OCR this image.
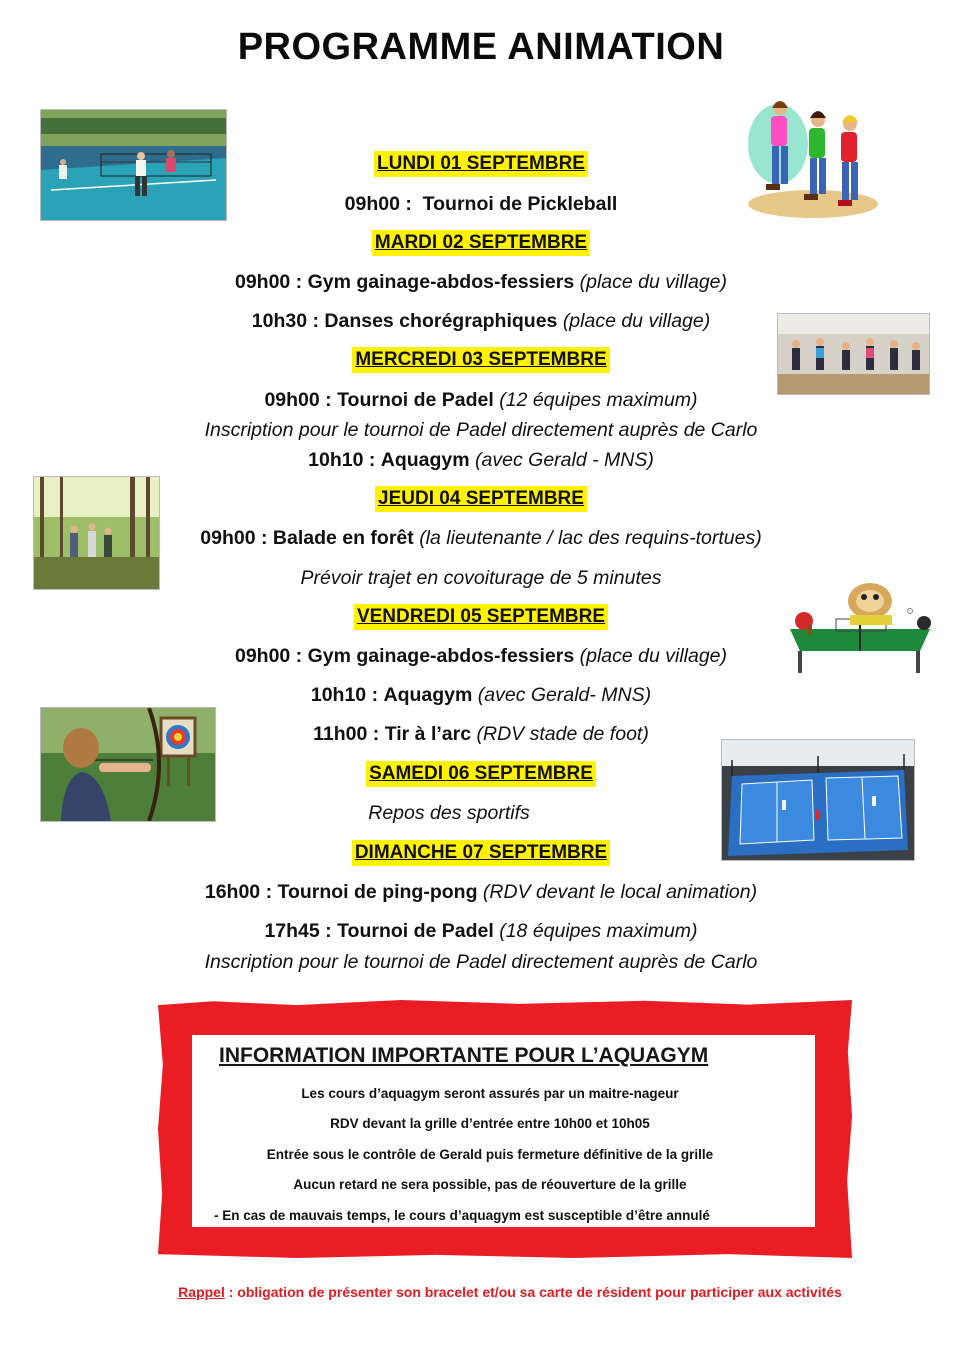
PROGRAMME ANIMATION
LUNDI 01 SEPTEMBRE
09h00 : Tournoi de Pickleball
MARDI 02 SEPTEMBRE
09h00 : Gym gainage-abdos-fessiers (place du village)
10h30 : Danses chorégraphiques (place du village)
MERCREDI 03 SEPTEMBRE
09h00 : Tournoi de Padel (12 équipes maximum)
Inscription pour le tournoi de Padel directement auprès de Carlo
10h10 : Aquagym (avec Gerald - MNS)
JEUDI 04 SEPTEMBRE
09h00 : Balade en forêt (la lieutenante / lac des requins-tortues)
Prévoir trajet en covoiturage de 5 minutes
VENDREDI 05 SEPTEMBRE
09h00 : Gym gainage-abdos-fessiers (place du village)
10h10 : Aquagym (avec Gerald- MNS)
11h00 : Tir à l’arc (RDV stade de foot)
SAMEDI 06 SEPTEMBRE
Repos des sportifs
DIMANCHE 07 SEPTEMBRE
16h00 : Tournoi de ping-pong (RDV devant le local animation)
17h45 : Tournoi de Padel (18 équipes maximum)
Inscription pour le tournoi de Padel directement auprès de Carlo
INFORMATION IMPORTANTE POUR L’AQUAGYM
Les cours d’aquagym seront assurés par un maitre-nageur
RDV devant la grille d’entrée entre 10h00 et 10h05
Entrée sous le contrôle de Gerald puis fermeture définitive de la grille
Aucun retard ne sera possible, pas de réouverture de la grille
- En cas de mauvais temps, le cours d’aquagym est susceptible d’être annulé
Rappel : obligation de présenter son bracelet et/ou sa carte de résident pour participer aux activités
